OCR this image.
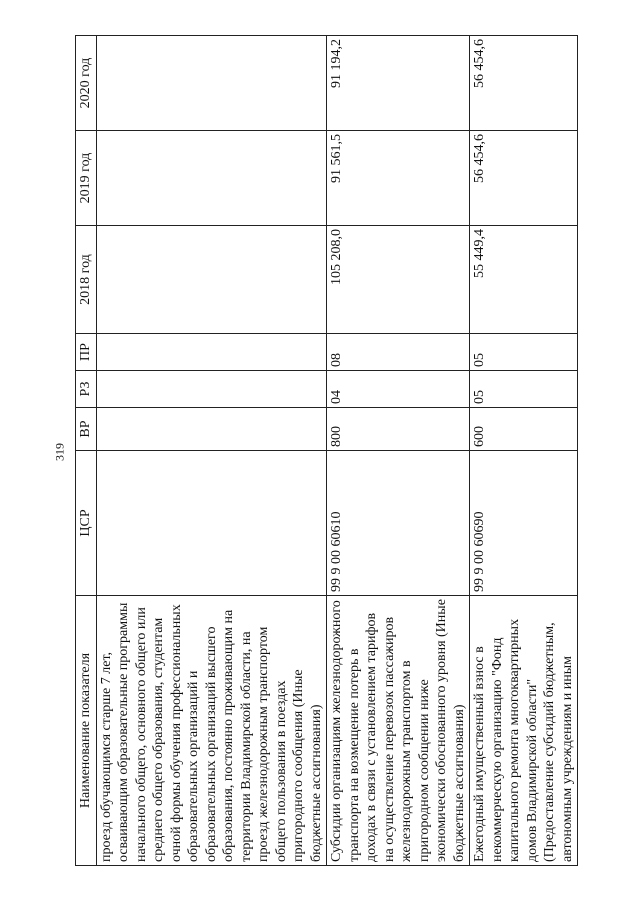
319
Наименование показателя	ЦСР	ВР	РЗ	ПР	2018 год	2019 год	2020 год
проезд обучающимся старше 7 лет, осваивающим образовательные программы начального общего, основного общего или среднего общего образования, студентам очной формы обучения профессиональных образовательных организаций и образовательных организаций высшего образования, постоянно проживающим на территории Владимирской области, на проезд железнодорожным транспортом общего пользования в поездах пригородного сообщения (Иные бюджетные ассигнования)							
Субсидии организациям железнодорожного транспорта на возмещение потерь в доходах в связи с установлением тарифов на осуществление перевозок пассажиров железнодорожным транспортом в пригородном сообщении ниже экономически обоснованного уровня (Иные бюджетные ассигнования)	99 9 00 60610	800	04	08	105 208,0	91 561,5	91 194,2
Ежегодный имущественный взнос в некоммерческую организацию "Фонд капитального ремонта многоквартирных домов Владимирской области" (Предоставление субсидий бюджетным, автономным учреждениям и иным	99 9 00 60690	600	05	05	55 449,4	56 454,6	56 454,6
